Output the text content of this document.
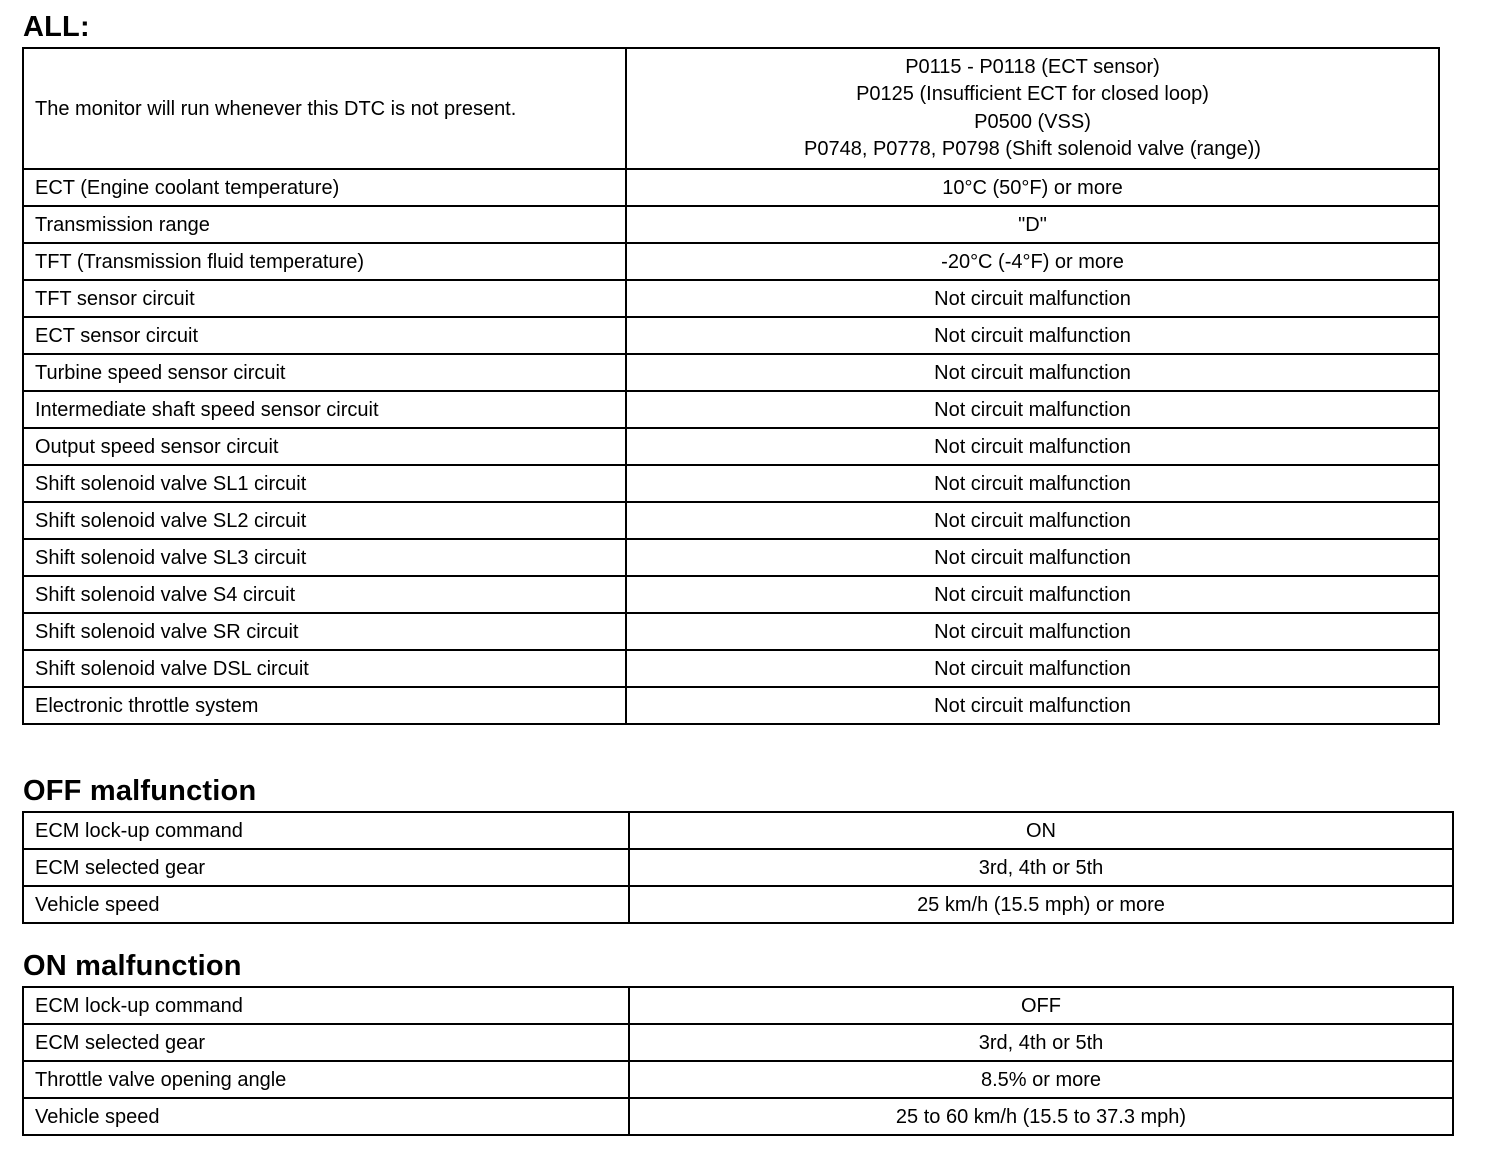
ALL:
The monitor will run whenever this DTC is not present.	P0115 - P0118 (ECT sensor)
P0125 (Insufficient ECT for closed loop)
P0500 (VSS)
P0748, P0778, P0798 (Shift solenoid valve (range))

ECT (Engine coolant temperature)	10°C (50°F) or more
Transmission range	"D"
TFT (Transmission fluid temperature)	-20°C (-4°F) or more
TFT sensor circuit	Not circuit malfunction
ECT sensor circuit	Not circuit malfunction
Turbine speed sensor circuit	Not circuit malfunction
Intermediate shaft speed sensor circuit	Not circuit malfunction
Output speed sensor circuit	Not circuit malfunction
Shift solenoid valve SL1 circuit	Not circuit malfunction
Shift solenoid valve SL2 circuit	Not circuit malfunction
Shift solenoid valve SL3 circuit	Not circuit malfunction
Shift solenoid valve S4 circuit	Not circuit malfunction
Shift solenoid valve SR circuit	Not circuit malfunction
Shift solenoid valve DSL circuit	Not circuit malfunction
Electronic throttle system	Not circuit malfunction
OFF malfunction
ECM lock-up command	ON
ECM selected gear	3rd, 4th or 5th
Vehicle speed	25 km/h (15.5 mph) or more
ON malfunction
ECM lock-up command	OFF
ECM selected gear	3rd, 4th or 5th
Throttle valve opening angle	8.5% or more
Vehicle speed	25 to 60 km/h (15.5 to 37.3 mph)
